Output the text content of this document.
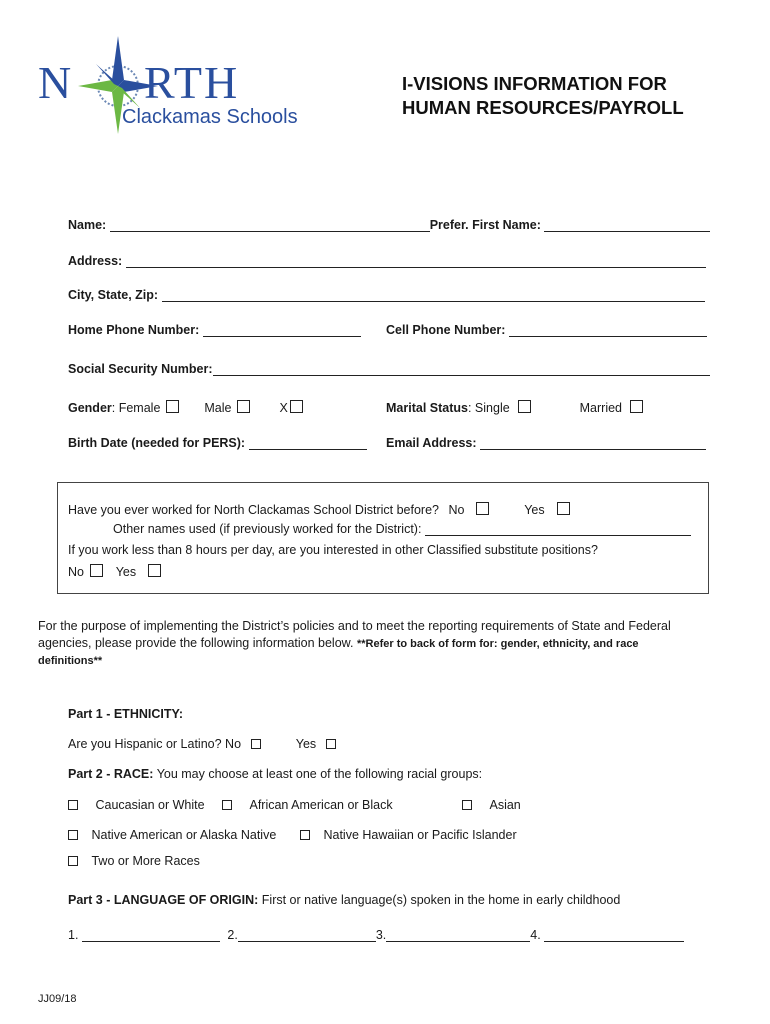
N RTH
Clackamas Schools
I-VISIONS INFORMATION FOR
HUMAN RESOURCES/PAYROLL
Name:	Prefer. First Name:
Address:
City, State, Zip:
Home Phone Number:	Cell Phone Number:
Social Security Number:
Gender: Female	Male	X	Marital Status: Single	Married
Birth Date (needed for PERS):	Email Address:
Have you ever worked for North Clackamas School District before? No	Yes
Other names used (if previously worked for the District):
If you work less than 8 hours per day, are you interested in other Classified substitute positions?
No	Yes
For the purpose of implementing the District’s policies and to meet the reporting requirements of State and Federal
agencies, please provide the following information below. **Refer to back of form for: gender, ethnicity, and race
definitions**
Part 1 - ETHNICITY:
Are you Hispanic or Latino? No	Yes
Part 2 - RACE: You may choose at least one of the following racial groups:
Caucasian or White	African American or Black	Asian
Native American or Alaska Native	Native Hawaiian or Pacific Islander
Two or More Races
Part 3 - LANGUAGE OF ORIGIN: First or native language(s) spoken in the home in early childhood
1.	2.	3.	4.
JJ09/18
